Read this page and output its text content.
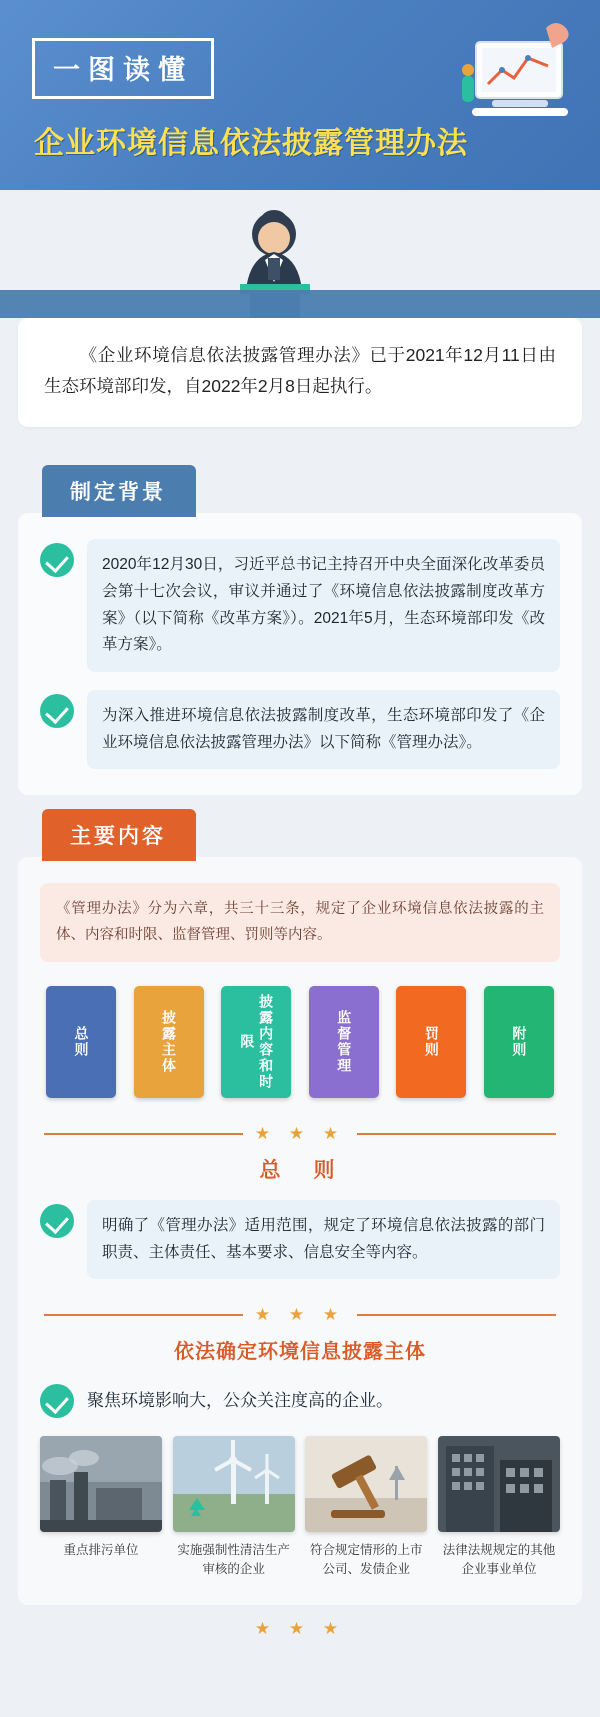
一图读懂
企业环境信息依法披露管理办法
《企业环境信息依法披露管理办法》已于2021年12月11日由生态环境部印发，自2022年2月8日起执行。
制定背景
2020年12月30日，习近平总书记主持召开中央全面深化改革委员会第十七次会议，审议并通过了《环境信息依法披露制度改革方案》（以下简称《改革方案》）。2021年5月，生态环境部印发《改革方案》。
为深入推进环境信息依法披露制度改革，生态环境部印发了《企业环境信息依法披露管理办法》以下简称《管理办法》。
主要内容
《管理办法》分为六章，共三十三条，规定了企业环境信息依法披露的主体、内容和时限、监督管理、罚则等内容。
总则	披露主体	披露内容和时限	监督管理	罚则	附则
★ ★ ★
总　则
明确了《管理办法》适用范围，规定了环境信息依法披露的部门职责、主体责任、基本要求、信息安全等内容。
★ ★ ★
依法确定环境信息披露主体
聚焦环境影响大，公众关注度高的企业。
重点排污单位	实施强制性清洁生产审核的企业
符合规定情形的上市公司、发债企业
法律法规规定的其他企业事业单位
★ ★ ★
